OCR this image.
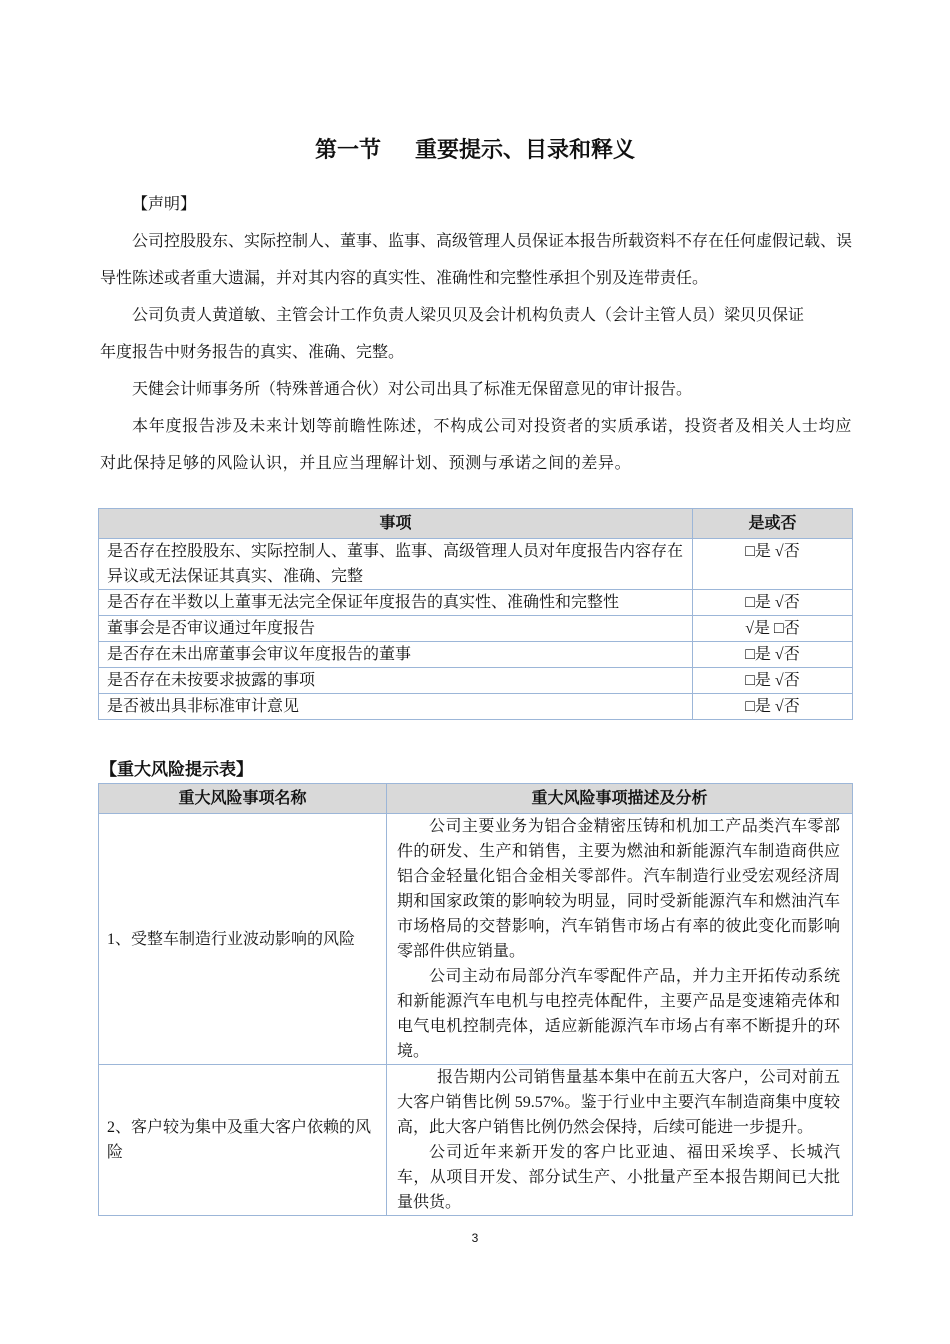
第一节 重要提示、目录和释义

【声明】

公司控股股东、实际控制人、董事、监事、高级管理人员保证本报告所载资料不存在任何虚假记载、误导性陈述或者重大遗漏，并对其内容的真实性、准确性和完整性承担个别及连带责任。

公司负责人黄道敏、主管会计工作负责人梁贝贝及会计机构负责人（会计主管人员）梁贝贝保证
年度报告中财务报告的真实、准确、完整。

天健会计师事务所（特殊普通合伙）对公司出具了标准无保留意见的审计报告。

本年度报告涉及未来计划等前瞻性陈述，不构成公司对投资者的实质承诺，投资者及相关人士均应对此保持足够的风险认识，并且应当理解计划、预测与承诺之间的差异。

事项	是或否
是否存在控股股东、实际控制人、董事、监事、高级管理人员对年度报告内容存在异议或无法保证其真实、准确、完整	□是 √否
是否存在半数以上董事无法完全保证年度报告的真实性、准确性和完整性	□是 √否
董事会是否审议通过年度报告	√是 □否
是否存在未出席董事会审议年度报告的董事	□是 √否
是否存在未按要求披露的事项	□是 √否
是否被出具非标准审计意见	□是 √否
【重大风险提示表】
重大风险事项名称	重大风险事项描述及分析
1、受整车制造行业波动影响的风险	公司主要业务为铝合金精密压铸和机加工产品类汽车零部件的研发、生产和销售，主要为燃油和新能源汽车制造商供应铝合金轻量化铝合金相关零部件。汽车制造行业受宏观经济周期和国家政策的影响较为明显，同时受新能源汽车和燃油汽车市场格局的交替影响，汽车销售市场占有率的彼此变化而影响零部件供应销量。

公司主动布局部分汽车零配件产品，并力主开拓传动系统和新能源汽车电机与电控壳体配件，主要产品是变速箱壳体和电气电机控制壳体，适应新能源汽车市场占有率不断提升的环境。

2、客户较为集中及重大客户依赖的风险	报告期内公司销售量基本集中在前五大客户，公司对前五大客户销售比例 59.57%。鉴于行业中主要汽车制造商集中度较高，此大客户销售比例仍然会保持，后续可能进一步提升。

公司近年来新开发的客户比亚迪、福田采埃孚、长城汽车，从项目开发、部分试生产、小批量产至本报告期间已大批量供货。

3
